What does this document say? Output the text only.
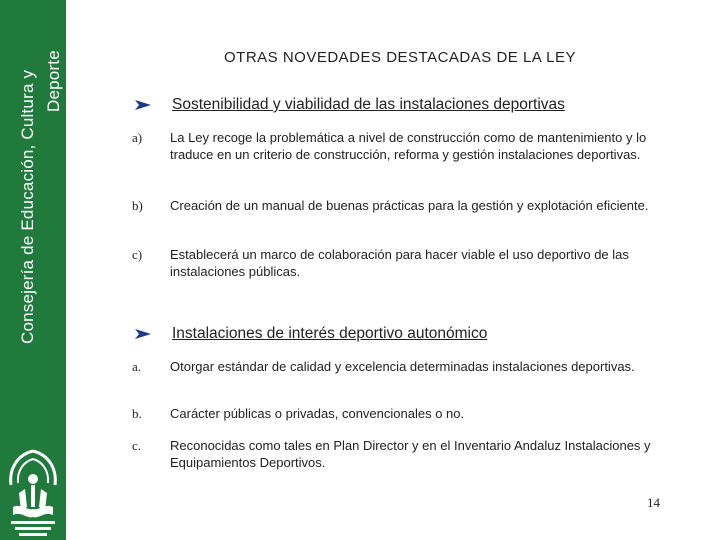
Consejería de Educación, Cultura y Deporte	OTRAS NOVEDADES DESTACADAS DE LA LEY
Sostenibilidad y viabilidad de las instalaciones deportivas
a)	La Ley recoge la problemática a nivel de construcción como de mantenimiento y lo traduce en un criterio de construcción, reforma y gestión instalaciones deportivas.
b)	Creación de un manual de buenas prácticas para la gestión y explotación eficiente.
c)	Establecerá un marco de colaboración para hacer viable el uso deportivo de las instalaciones públicas.
Instalaciones de interés deportivo autonómico
a.	Otorgar estándar de calidad y excelencia determinadas instalaciones deportivas.
b.	Carácter públicas o privadas, convencionales o no.
c.	Reconocidas como tales en Plan Director y en el Inventario Andaluz Instalaciones y Equipamientos Deportivos.
14
